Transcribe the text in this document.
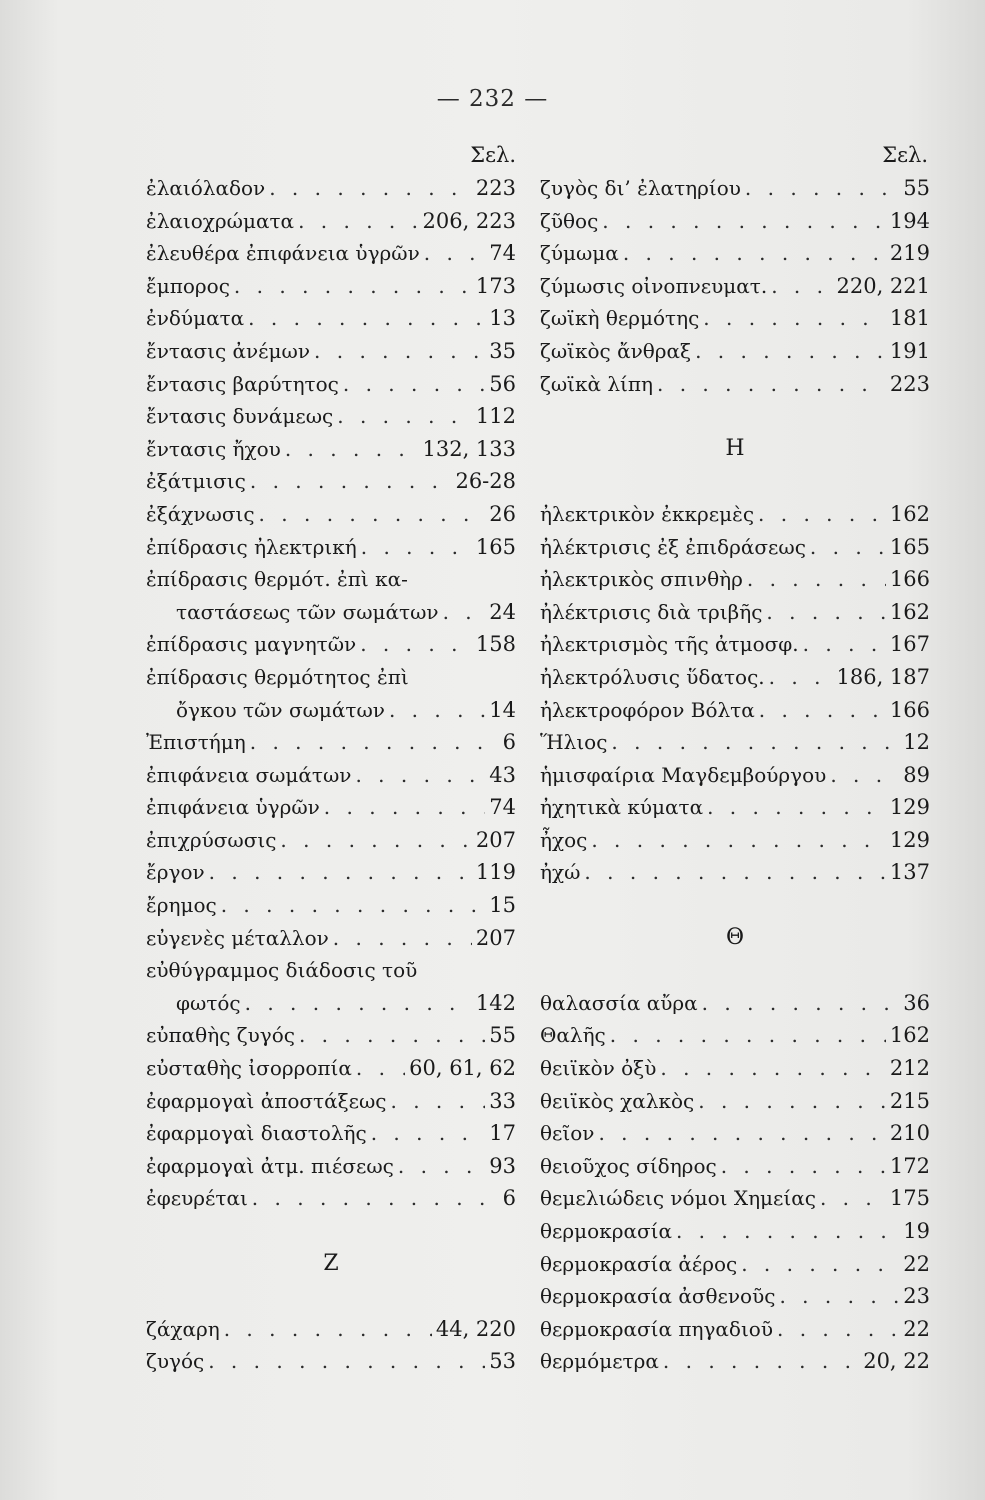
— 232 —
Σελ.
ἐλαιόλαδον . . .	223
ἐλαιοχρώματα . . .	206, 223
ἐλευθέρα ἐπιφάνεια ὑγρῶν . . .	74
ἔμπορος . . .	173
ἐνδύματα . . .	13
ἔντασις ἀνέμων . . .	35
ἔντασις βαρύτητος . . .	56
ἔντασις δυνάμεως . . .	112
ἔντασις ἤχου . . .	132, 133
ἐξάτμισις . . .	26-28
ἐξάχνωσις . . .	26
ἐπίδρασις ἠλεκτρική . . .	165
ἐπίδρασις θερμότ. ἐπὶ κα-
ταστάσεως τῶν σωμάτων . . . 24
ἐπίδρασις μαγνητῶν . . .	158
ἐπίδρασις θερμότητος ἐπὶ
ὄγκου τῶν σωμάτων . . .	14
Ἐπιστήμη . . .	6
ἐπιφάνεια σωμάτων . . .	43
ἐπιφάνεια ὑγρῶν . . .	74
ἐπιχρύσωσις . . .	207
ἔργον . . .	119
ἔρημος . . .	15
εὐγενὲς μέταλλον . . .	207
εὐθύγραμμος διάδοσις τοῦ
φωτός . . .	142
εὐπαθὴς ζυγός . . .	55
εὐσταθὴς ἰσορροπία . . .	60, 61, 62
ἐφαρμογαὶ ἀποστάξεως . . .	33
ἐφαρμογαὶ διαστολῆς . . .	17
ἐφαρμογαὶ ἀτμ. πιέσεως . . .	93
ἐφευρέται . . .	6
Ζ
ζάχαρη . . .	44, 220
ζυγός . . .	53
Σελ.
ζυγὸς δι’ ἐλατηρίου . . .	55
ζῦθος . . .	194
ζύμωμα . . .	219
ζύμωσις οἰνοπνευματ. . . .	220, 221
ζωϊκὴ θερμότης . . .	181
ζωϊκὸς ἄνθραξ . . .	191
ζωϊκὰ λίπη . . .	223
Η
ἠλεκτρικὸν ἐκκρεμὲς . . .	162
ἠλέκτρισις ἐξ ἐπιδράσεως . . .	165
ἠλεκτρικὸς σπινθὴρ . . .	166
ἠλέκτρισις διὰ τριβῆς . . .	162
ἠλεκτρισμὸς τῆς ἀτμοσφ. . . .	167
ἠλεκτρόλυσις ὕδατος. . . .	186, 187
ἠλεκτροφόρον Βόλτα . . .	166
Ἥλιος . . .	12
ἡμισφαίρια Μαγδεμβούργου . . .	89
ἠχητικὰ κύματα . . .	129
ἦχος . . .	129
ἠχώ . . .	137
Θ
θαλασσία αὔρα . . .	36
Θαλῆς . . .	162
θειϊκὸν ὀξὺ . . .	212
θειϊκὸς χαλκὸς . . .	215
θεῖον . . .	210
θειοῦχος σίδηρος . . .	172
θεμελιώδεις νόμοι Χημείας . . .	175
θερμοκρασία . . .	19
θερμοκρασία ἀέρος . . .	22
θερμοκρασία ἀσθενοῦς . . .	23
θερμοκρασία πηγαδιοῦ . . .	22
θερμόμετρα . . .	20, 22
